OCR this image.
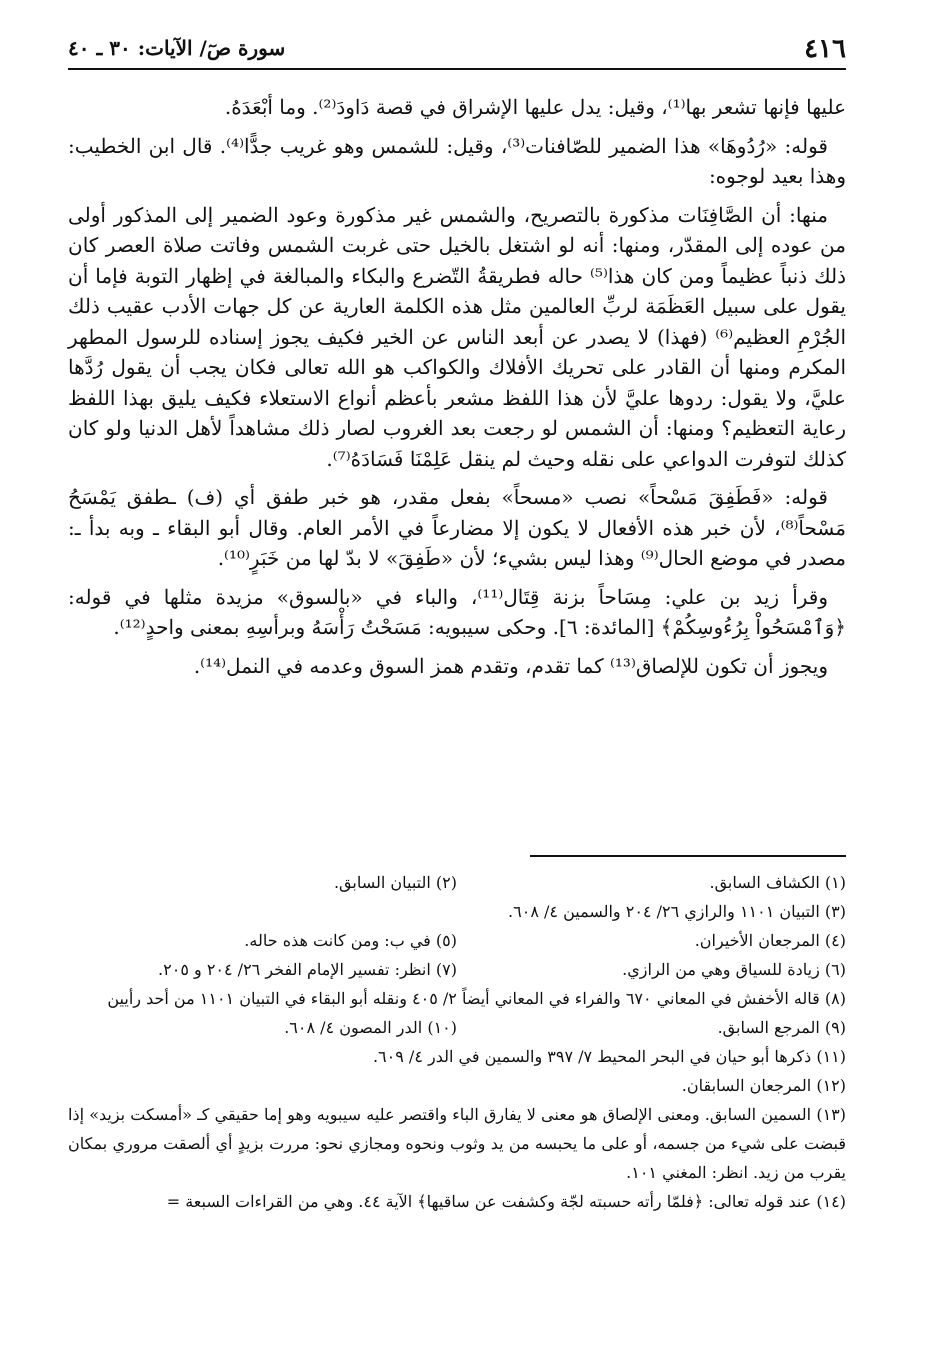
٤١٦
سورة صٓ/ الآيات: ٣٠ ـ ٤٠

عليها فإنها تشعر بها⁽¹⁾، وقيل: يدل عليها الإشراق في قصة دَاودَ⁽²⁾. وما أبْعَدَهُ.

قوله: «رُدُوهَا» هذا الضمير للصّافنات⁽³⁾، وقيل: للشمس وهو غريب جدًّا⁽⁴⁾. قال ابن الخطيب: وهذا بعيد لوجوه:

منها: أن الصَّافِنَات مذكورة بالتصريح، والشمس غير مذكورة وعود الضمير إلى المذكور أولى من عوده إلى المقدّر، ومنها: أنه لو اشتغل بالخيل حتى غربت الشمس وفاتت صلاة العصر كان ذلك ذنباً عظيماً ومن كان هذا⁽⁵⁾ حاله فطريقةُ التّضرع والبكاء والمبالغة في إظهار التوبة فإما أن يقول على سبيل العَظَمَة لربِّ العالمين مثل هذه الكلمة العارية عن كل جهات الأدب عقيب ذلك الجُرْمِ العظيم⁽⁶⁾ (فهذا) لا يصدر عن أبعد الناس عن الخير فكيف يجوز إسناده للرسول المطهر المكرم ومنها أن القادر على تحريك الأفلاك والكواكب هو الله تعالى فكان يجب أن يقول رُدَّها عليَّ، ولا يقول: ردوها عليَّ لأن هذا اللفظ مشعر بأعظم أنواع الاستعلاء فكيف يليق بهذا اللفظ رعاية التعظيم؟ ومنها: أن الشمس لو رجعت بعد الغروب لصار ذلك مشاهداً لأهل الدنيا ولو كان كذلك لتوفرت الدواعي على نقله وحيث لم ينقل عَلِمْنَا فَسَادَهُ⁽⁷⁾.

قوله: «فَطَفِقَ مَسْحاً» نصب «مسحاً» بفعل مقدر، هو خبر طفق أي (ف) ـطفق يَمْسَحُ مَسْحاً⁽⁸⁾، لأن خبر هذه الأفعال لا يكون إلا مضارعاً في الأمر العام. وقال أبو البقاء ـ وبه بدأ ـ: مصدر في موضع الحال⁽⁹⁾ وهذا ليس بشيء؛ لأن «طَفِقَ» لا بدّ لها من خَبَرٍ⁽¹⁰⁾.

وقرأ زيد بن علي: مِسَاحاً بزنة قِتَال⁽¹¹⁾، والباء في «بالسوق» مزيدة مثلها في قوله: ﴿وَٱمْسَحُواْ بِرُءُوسِكُمْ﴾ [المائدة: ٦]. وحكى سيبويه: مَسَحْتُ رَأْسَهُ وبرأسِهِ بمعنى واحدٍ⁽¹²⁾.

ويجوز أن تكون للإلصاق⁽¹³⁾ كما تقدم، وتقدم همز السوق وعدمه في النمل⁽¹⁴⁾.

(١) الكشاف السابق.
(٢) التبيان السابق.
(٣) التبيان ١١٠١ والرازي ٢٦/ ٢٠٤ والسمين ٤/ ٦٠٨.
(٤) المرجعان الأخيران.
(٥) في ب: ومن كانت هذه حاله.
(٦) زيادة للسياق وهي من الرازي.
(٧) انظر: تفسير الإمام الفخر ٢٦/ ٢٠٤ و ٢٠٥.
(٨) قاله الأخفش في المعاني ٦٧٠ والفراء في المعاني أيضاً ٢/ ٤٠٥ ونقله أبو البقاء في التبيان ١١٠١ من أحد رأيين
(٩) المرجع السابق.
(١٠) الدر المصون ٤/ ٦٠٨.
(١١) ذكرها أبو حيان في البحر المحيط ٧/ ٣٩٧ والسمين في الدر ٤/ ٦٠٩.
(١٢) المرجعان السابقان.
(١٣) السمين السابق. ومعنى الإلصاق هو معنى لا يفارق الباء واقتصر عليه سيبويه وهو إما حقيقي كـ «أمسكت بزيد» إذا قبضت على شيء من جسمه، أو على ما يحبسه من يد وثوب ونحوه ومجازي نحو: مررت بزيدٍ أي ألصقت مروري بمكان يقرب من زيد. انظر: المغني ١٠١.
(١٤) عند قوله تعالى: ﴿فلمّا رأته حسبته لجّة وكشفت عن ساقيها﴾ الآية ٤٤. وهي من القراءات السبعة =
